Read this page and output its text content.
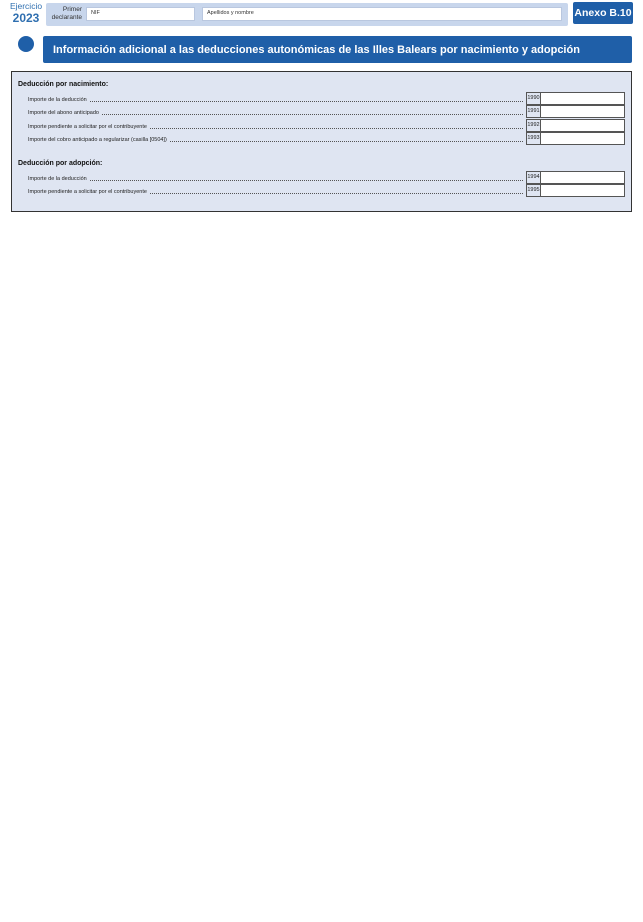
Ejercicio
2023
Primer
declarante
NIF	Apellidos y nombre	Anexo B.10
Información adicional a las deducciones autonómicas de las Illes Balears por nacimiento y adopción
Deducción por nacimiento:
Importe de la deducción	1990
Importe del abono anticipado	1991
Importe pendiente a solicitar por el contribuyente	1992
Importe del cobro anticipado a regularizar (casilla [0504])	1993
Deducción por adopción:
Importe de la deducción	1994
Importe pendiente a solicitar por el contribuyente	1995
